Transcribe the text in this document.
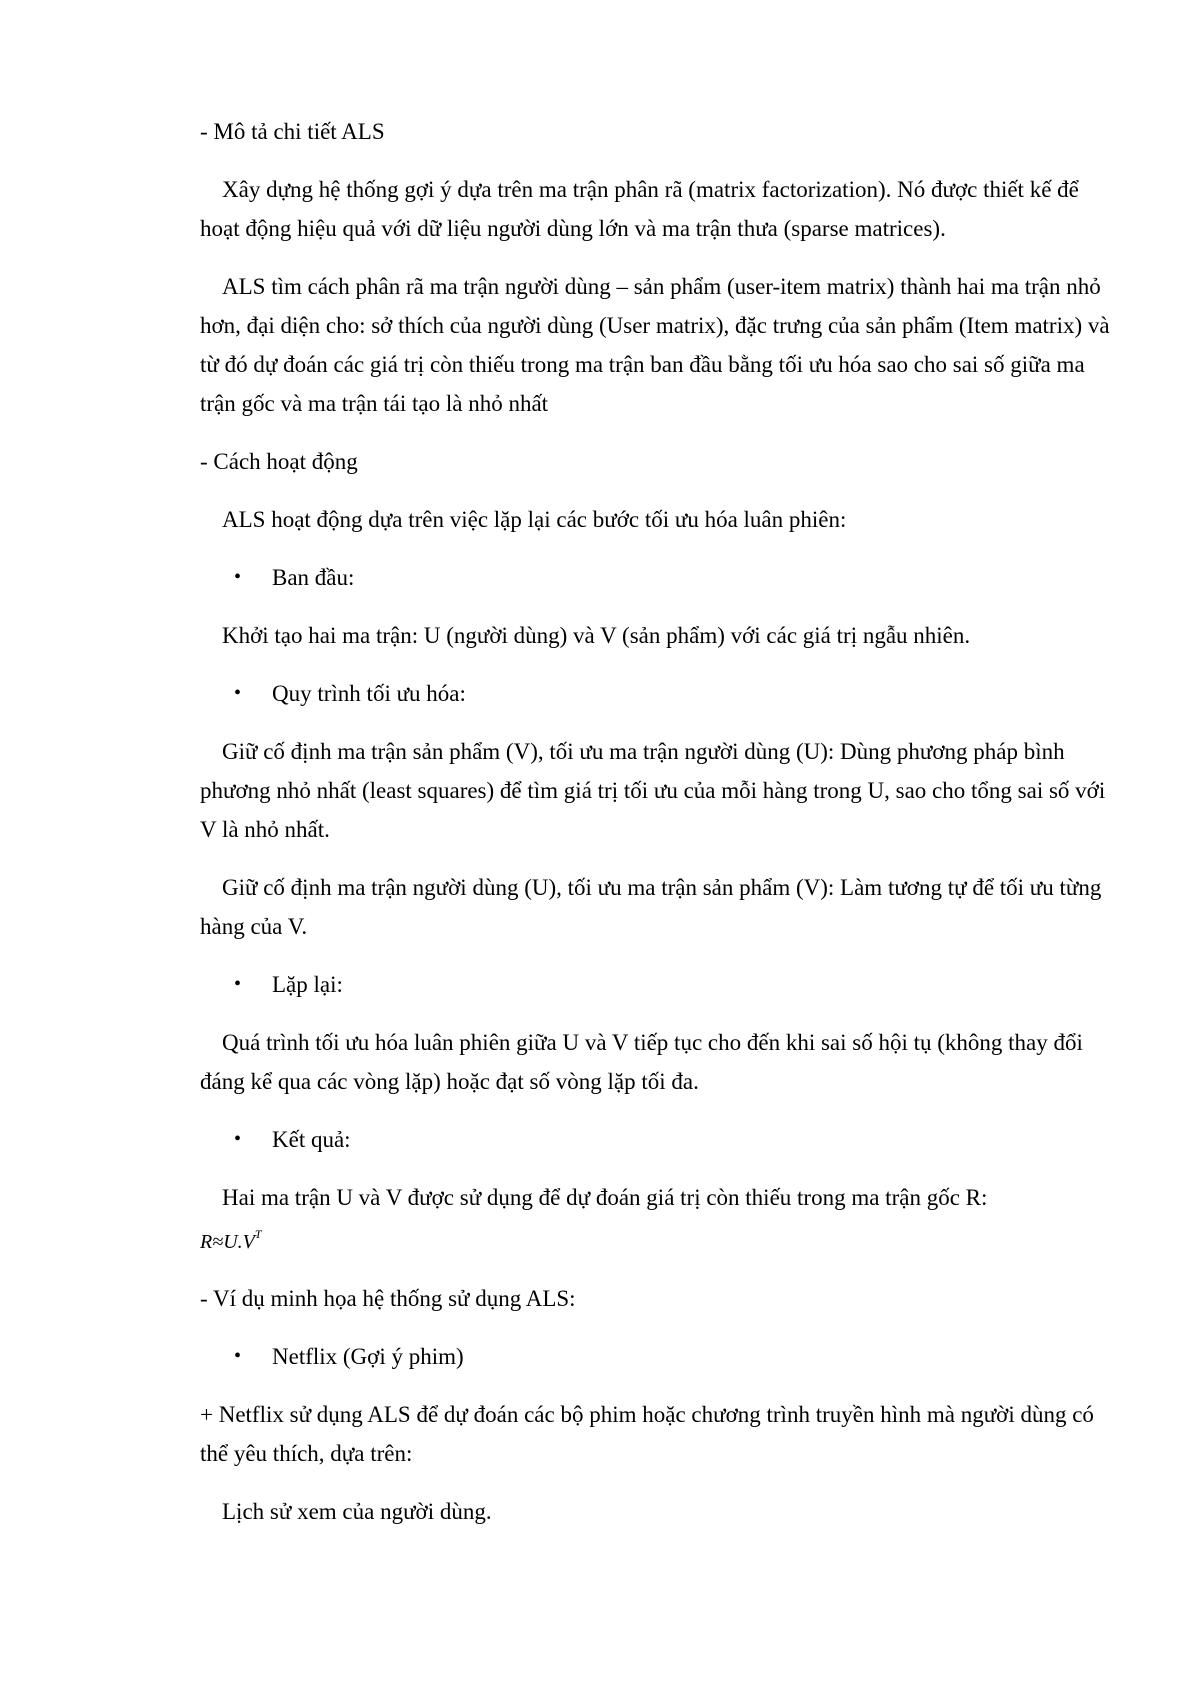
- Mô tả chi tiết ALS

Xây dựng hệ thống gợi ý dựa trên ma trận phân rã (matrix factorization). Nó được thiết kế để hoạt động hiệu quả với dữ liệu người dùng lớn và ma trận thưa (sparse matrices).

ALS tìm cách phân rã ma trận người dùng – sản phẩm (user-item matrix) thành hai ma trận nhỏ hơn, đại diện cho: sở thích của người dùng (User matrix), đặc trưng của sản phẩm (Item matrix) và từ đó dự đoán các giá trị còn thiếu trong ma trận ban đầu bằng tối ưu hóa sao cho sai số giữa ma trận gốc và ma trận tái tạo là nhỏ nhất

- Cách hoạt động

ALS hoạt động dựa trên việc lặp lại các bước tối ưu hóa luân phiên:

• Ban đầu:

Khởi tạo hai ma trận: U (người dùng) và V (sản phẩm) với các giá trị ngẫu nhiên.

• Quy trình tối ưu hóa:

Giữ cố định ma trận sản phẩm (V), tối ưu ma trận người dùng (U): Dùng phương pháp bình phương nhỏ nhất (least squares) để tìm giá trị tối ưu của mỗi hàng trong U, sao cho tổng sai số với V là nhỏ nhất.

Giữ cố định ma trận người dùng (U), tối ưu ma trận sản phẩm (V): Làm tương tự để tối ưu từng hàng của V.

• Lặp lại:

Quá trình tối ưu hóa luân phiên giữa U và V tiếp tục cho đến khi sai số hội tụ (không thay đổi đáng kể qua các vòng lặp) hoặc đạt số vòng lặp tối đa.

• Kết quả:

Hai ma trận U và V được sử dụng để dự đoán giá trị còn thiếu trong ma trận gốc R:

$R\approx U.V^T$

- Ví dụ minh họa hệ thống sử dụng ALS:

• Netflix (Gợi ý phim)

+ Netflix sử dụng ALS để dự đoán các bộ phim hoặc chương trình truyền hình mà người dùng có thể yêu thích, dựa trên:

Lịch sử xem của người dùng.
